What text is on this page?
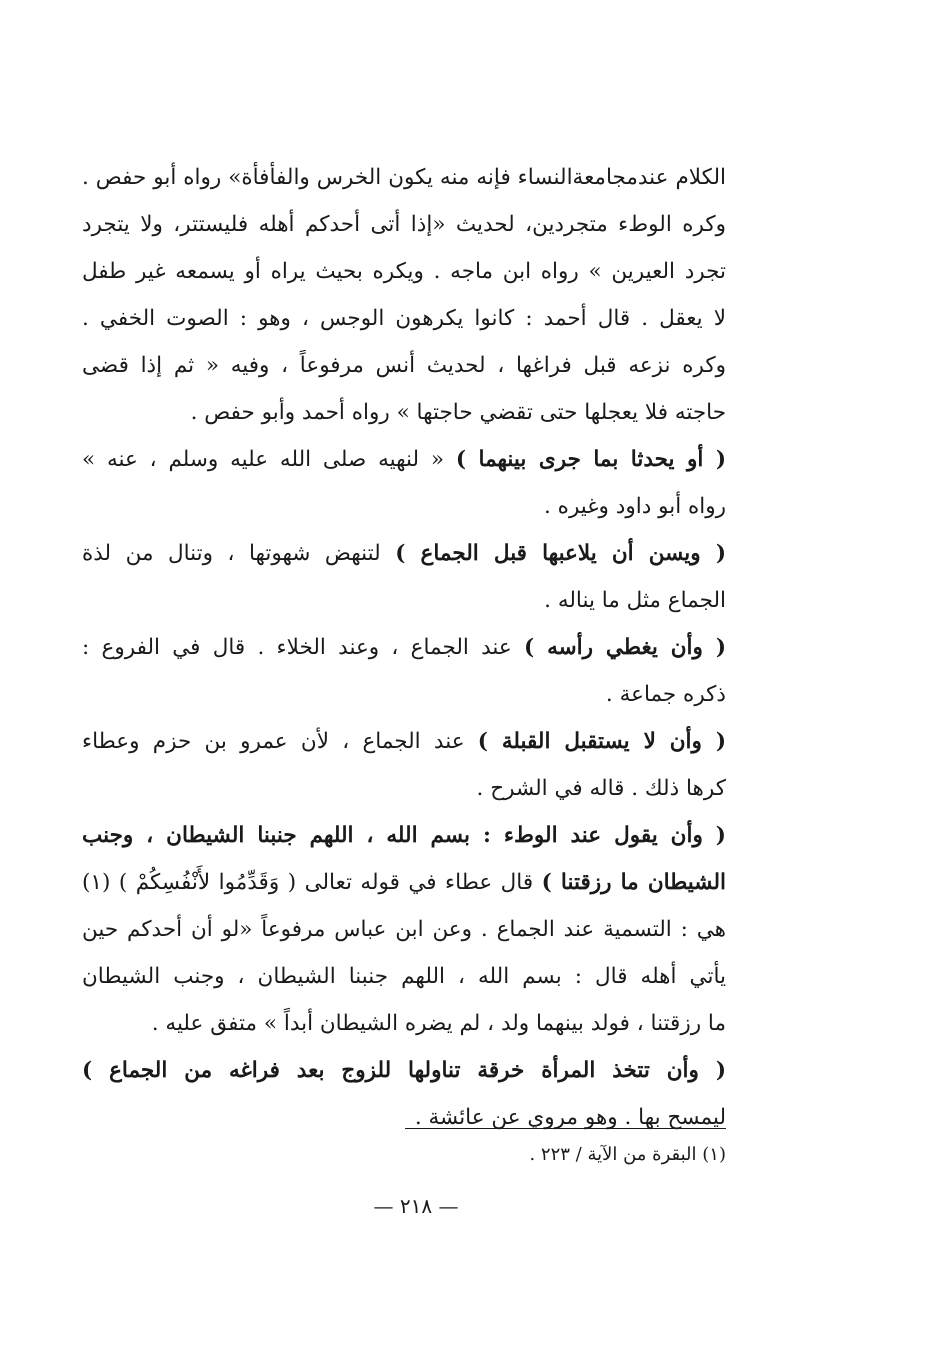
الكلام عندمجامعةالنساء فإنه منه يكون الخرس والفأفأة» رواه أبو حفص .
وكره الوطء متجردين، لحديث «إذا أتى أحدكم أهله فليستتر، ولا يتجرد
تجرد العيرين » رواه ابن ماجه . ويكره بحيث يراه أو يسمعه غير طفل
لا يعقل . قال أحمد : كانوا يكرهون الوجس ، وهو : الصوت الخفي .
وكره نزعه قبل فراغها ، لحديث أنس مرفوعاً ، وفيه « ثم إذا قضى
حاجته فلا يعجلها حتى تقضي حاجتها » رواه أحمد وأبو حفص .
( أو يحدثا بما جرى بينهما ) « لنهيه صلى الله عليه وسلم ، عنه »
رواه أبو داود وغيره .
( ويسن أن يلاعبها قبل الجماع ) لتنهض شهوتها ، وتنال من لذة
الجماع مثل ما يناله .
( وأن يغطي رأسه ) عند الجماع ، وعند الخلاء . قال في الفروع :
ذكره جماعة .
( وأن لا يستقبل القبلة ) عند الجماع ، لأن عمرو بن حزم وعطاء
كرها ذلك . قاله في الشرح .
( وأن يقول عند الوطء : بسم الله ، اللهم جنبنا الشيطان ، وجنب
الشيطان ما رزقتنا ) قال عطاء في قوله تعالى ( وَقَدِّمُوا لأَنْفُسِكُمْ ) (١)
هي : التسمية عند الجماع . وعن ابن عباس مرفوعاً «لو أن أحدكم حين
يأتي أهله قال : بسم الله ، اللهم جنبنا الشيطان ، وجنب الشيطان
ما رزقتنا ، فولد بينهما ولد ، لم يضره الشيطان أبداً » متفق عليه .
( وأن تتخذ المرأة خرقة تناولها للزوج بعد فراغه من الجماع )
ليمسح بها . وهو مروي عن عائشة .
(١) البقرة من الآية / ٢٢٣ .
— ٢١٨ —
